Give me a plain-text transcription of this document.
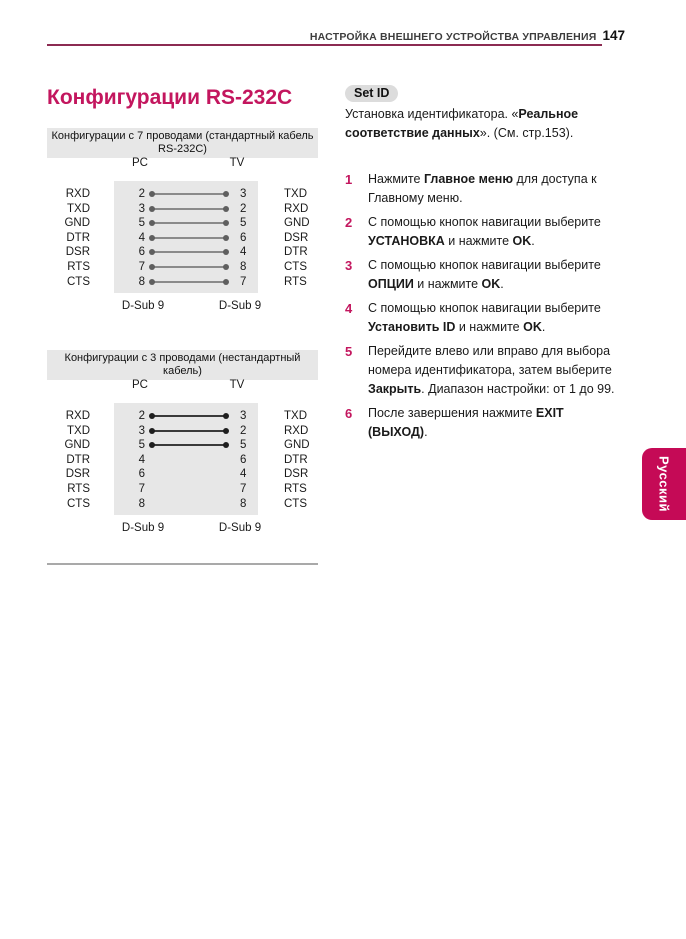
НАСТРОЙКА ВНЕШНЕГО УСТРОЙСТВА УПРАВЛЕНИЯ 147
Конфигурации RS-232C
Конфигурации с 7 проводами (стандартный кабель
RS-232C)
PC	TV
RXD	2	3	TXD
TXD	3	2	RXD
GND	5	5	GND
DTR	4	6	DSR
DSR	6	4	DTR
RTS	7	8	CTS
CTS	8	7	RTS
D-Sub 9	D-Sub 9
Конфигурации с 3 проводами (нестандартный
кабель)
PC	TV
RXD	2	3	TXD
TXD	3	2	RXD
GND	5	5	GND
DTR	4	6	DTR
DSR	6	4	DSR
RTS	7	7	RTS
CTS	8	8	CTS
D-Sub 9	D-Sub 9
Set ID

Установка идентификатора. «Реальное соответствие данных». (См. стр.153).

1	Нажмите Главное меню для доступа к Главному меню.
2	С помощью кнопок навигации выберите УСТАНОВКА и нажмите OK.
3	С помощью кнопок навигации выберите ОПЦИИ и нажмите OK.
4	С помощью кнопок навигации выберите Установить ID и нажмите OK.
5	Перейдите влево или вправо для выбора номера идентификатора, затем выберите Закрыть. Диапазон настройки: от 1 до 99.
6	После завершения нажмите EXIT (ВЫХОД).
Русский
